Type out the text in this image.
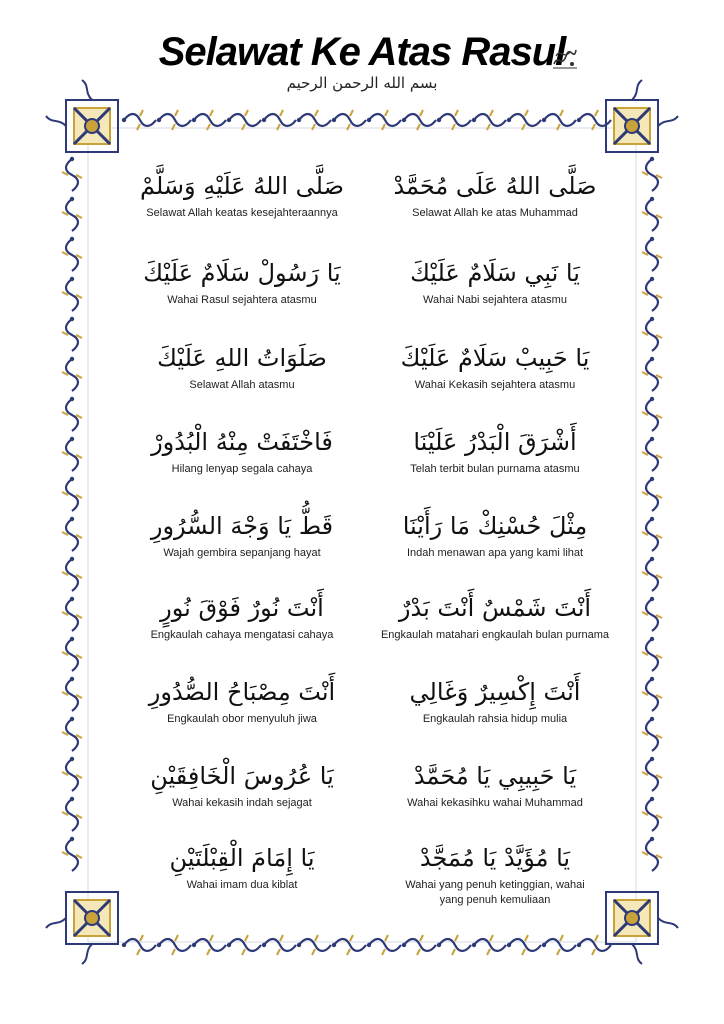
Selawat Ke Atas Rasul
بسم الله الرحمن الرحيم
صَلَّى اللهُ عَلَيْهِ وَسَلَّمْ
Selawat Allah keatas kesejahteraannya
صَلَّى اللهُ عَلَى مُحَمَّدْ
Selawat Allah ke atas Muhammad
يَا رَسُولْ سَلَامٌ عَلَيْكَ
Wahai Rasul sejahtera atasmu
يَا نَبِي سَلَامٌ عَلَيْكَ
Wahai Nabi sejahtera atasmu
صَلَوَاتُ اللهِ عَلَيْكَ
Selawat Allah atasmu
يَا حَبِيبْ سَلَامٌ عَلَيْكَ
Wahai Kekasih sejahtera atasmu
فَاخْتَفَتْ مِنْهُ الْبُدُورْ
Hilang lenyap segala cahaya
أَشْرَقَ الْبَدْرُ عَلَيْنَا
Telah terbit bulan purnama atasmu
قَطُّ يَا وَجْهَ السُّرُورِ
Wajah gembira sepanjang hayat
مِثْلَ حُسْنِكْ مَا رَأَيْنَا
Indah menawan apa yang kami lihat
أَنْتَ نُورٌ فَوْقَ نُورٍ
Engkaulah cahaya mengatasi cahaya
أَنْتَ شَمْسٌ أَنْتَ بَدْرٌ
Engkaulah matahari engkaulah bulan purnama
أَنْتَ مِصْبَاحُ الصُّدُورِ
Engkaulah obor menyuluh jiwa
أَنْتَ إِكْسِيرٌ وَغَالِي
Engkaulah rahsia hidup mulia
يَا عُرُوسَ الْخَافِقَيْنِ
Wahai kekasih indah sejagat
يَا حَبِيبِي يَا مُحَمَّدْ
Wahai kekasihku wahai Muhammad
يَا إِمَامَ الْقِبْلَتَيْنِ
Wahai imam dua kiblat
يَا مُؤَيَّدْ يَا مُمَجَّدْ
Wahai yang penuh ketinggian, wahai yang penuh kemuliaan
